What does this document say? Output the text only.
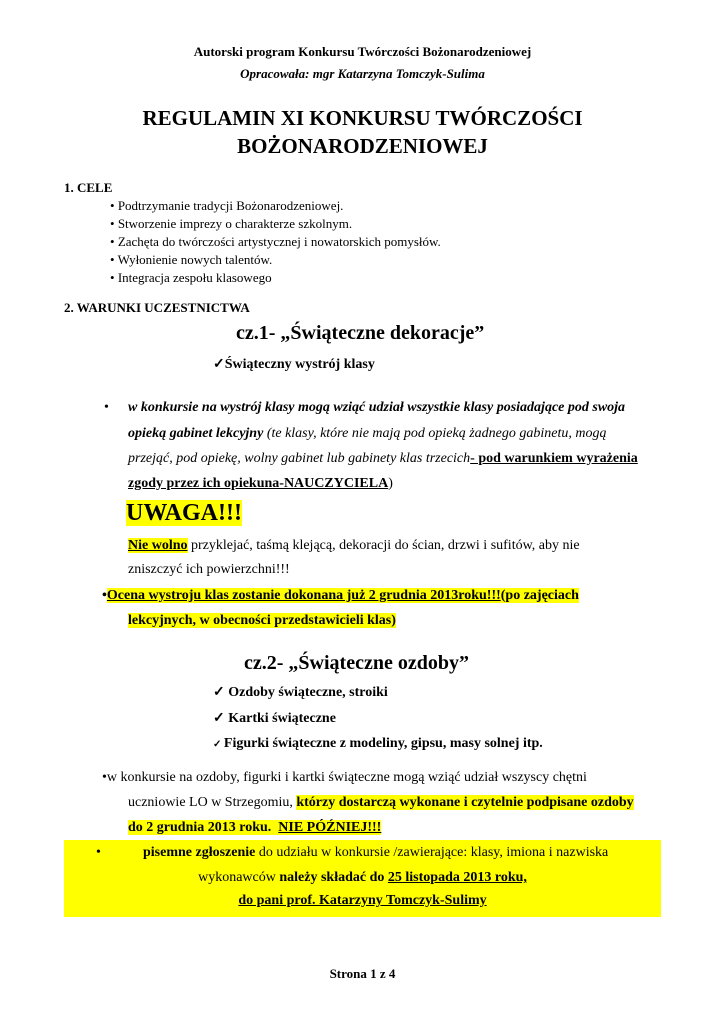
Autorski program Konkursu Twórczości Bożonarodzeniowej
Opracowała: mgr Katarzyna Tomczyk-Sulima
REGULAMIN XI KONKURSU TWÓRCZOŚCI
BOŻONARODZENIOWEJ
1. CELE
• Podtrzymanie tradycji Bożonarodzeniowej.
• Stworzenie imprezy o charakterze szkolnym.
• Zachęta do twórczości artystycznej i nowatorskich pomysłów.
• Wyłonienie nowych talentów.
• Integracja zespołu klasowego
2. WARUNKI UCZESTNICTWA
cz.1- „Świąteczne dekoracje”
✓Świąteczny wystrój klasy
• w konkursie na wystrój klasy mogą wziąć udział wszystkie klasy posiadające pod swoja
opieką gabinet lekcyjny (te klasy, które nie mają pod opieką żadnego gabinetu, mogą
przejąć, pod opiekę, wolny gabinet lub gabinety klas trzecich- pod warunkiem wyrażenia
zgody przez ich opiekuna-NAUCZYCIELA)
UWAGA!!!
Nie wolno przyklejać, taśmą klejącą, dekoracji do ścian, drzwi i sufitów, aby nie
zniszczyć ich powierzchni!!!
•Ocena wystroju klas zostanie dokonana już 2 grudnia 2013roku!!!(po zajęciach
lekcyjnych, w obecności przedstawicieli klas)
cz.2- „Świąteczne ozdoby”
✓ Ozdoby świąteczne, stroiki
✓ Kartki świąteczne
✓ Figurki świąteczne z modeliny, gipsu, masy solnej itp.
•w konkursie na ozdoby, figurki i kartki świąteczne mogą wziąć udział wszyscy chętni
uczniowie LO w Strzegomiu, którzy dostarczą wykonane i czytelnie podpisane ozdoby
do 2 grudnia 2013 roku. NIE PÓŹNIEJ!!!
•	pisemne zgłoszenie do udziału w konkursie /zawierające: klasy, imiona i nazwiska
wykonawców należy składać do 25 listopada 2013 roku,
do pani prof. Katarzyny Tomczyk-Sulimy
Strona 1 z 4
